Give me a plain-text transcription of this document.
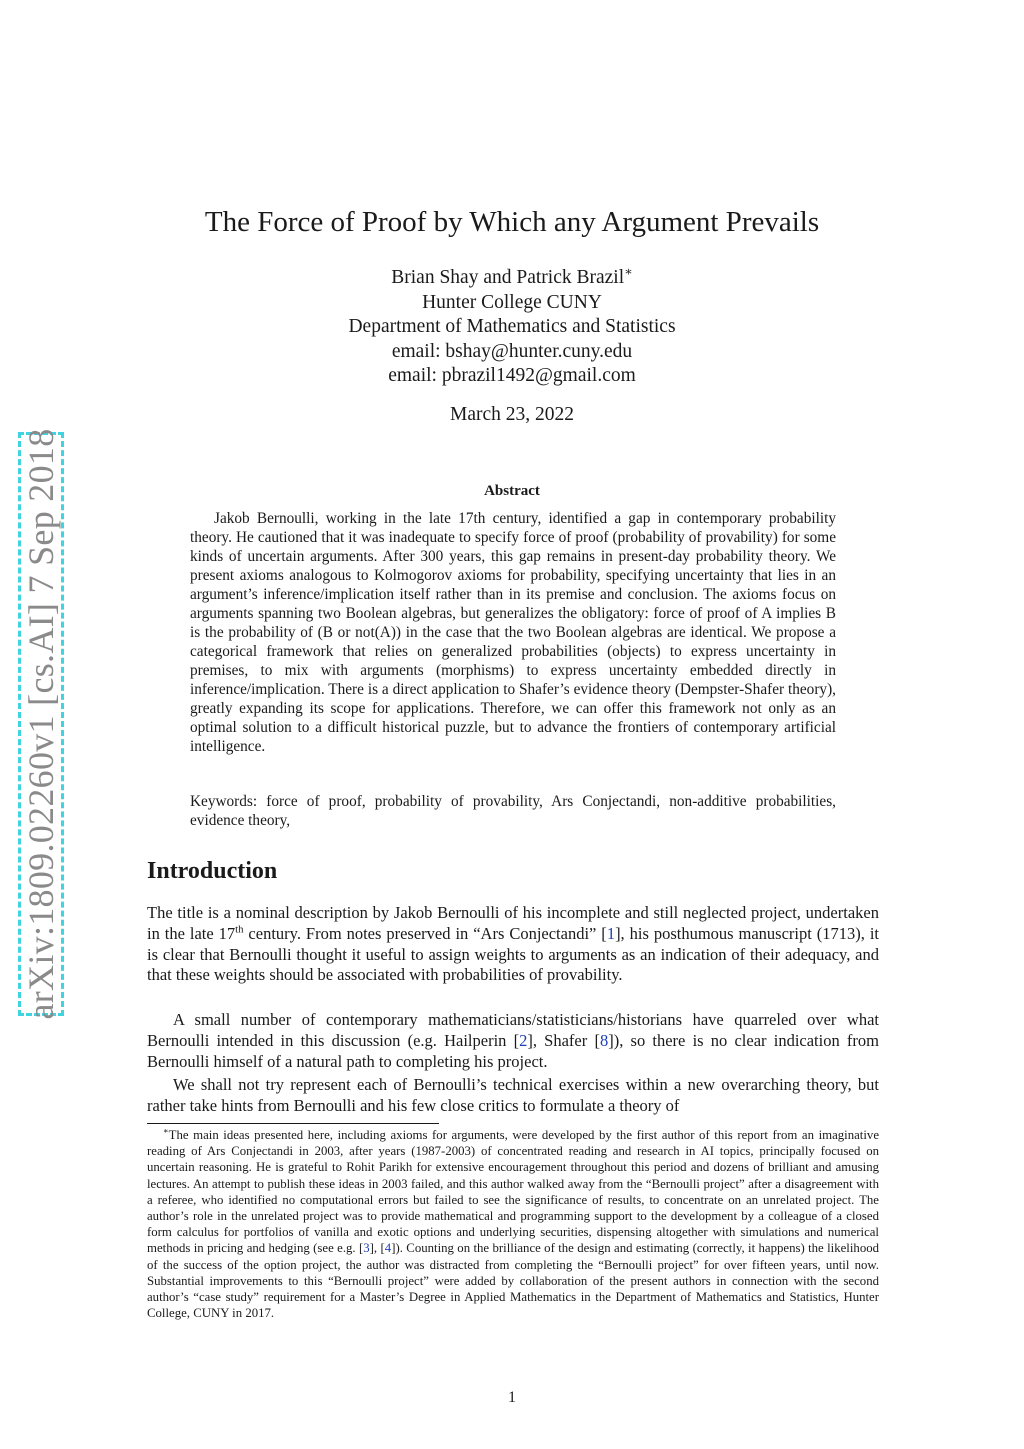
arXiv:1809.02260v1 [cs.AI] 7 Sep 2018
The Force of Proof by Which any Argument Prevails
Brian Shay and Patrick Brazil∗
Hunter College CUNY
Department of Mathematics and Statistics
email: bshay@hunter.cuny.edu
email: pbrazil1492@gmail.com
March 23, 2022
Abstract

Jakob Bernoulli, working in the late 17th century, identified a gap in contemporary probability theory. He cautioned that it was inadequate to specify force of proof (probability of provability) for some kinds of uncertain arguments. After 300 years, this gap remains in present-day probability theory. We present axioms analogous to Kolmogorov axioms for probability, specifying uncertainty that lies in an argument’s inference/implication itself rather than in its premise and conclusion. The axioms focus on arguments spanning two Boolean algebras, but generalizes the obligatory: force of proof of A implies B is the probability of (B or not(A)) in the case that the two Boolean algebras are identical. We propose a categorical framework that relies on generalized probabilities (objects) to express uncertainty in premises, to mix with arguments (morphisms) to express uncertainty embedded directly in inference/implication. There is a direct application to Shafer’s evidence theory (Dempster-Shafer theory), greatly expanding its scope for applications. Therefore, we can offer this framework not only as an optimal solution to a difficult historical puzzle, but to advance the frontiers of contemporary artificial intelligence.

Keywords: force of proof, probability of provability, Ars Conjectandi, non-additive probabilities, evidence theory,

Introduction

The title is a nominal description by Jakob Bernoulli of his incomplete and still neglected project, undertaken in the late 17th century. From notes preserved in “Ars Conjectandi” [1], his posthumous manuscript (1713), it is clear that Bernoulli thought it useful to assign weights to arguments as an indication of their adequacy, and that these weights should be associated with probabilities of provability.

A small number of contemporary mathematicians/statisticians/historians have quarreled over what Bernoulli intended in this discussion (e.g. Hailperin [2], Shafer [8]), so there is no clear indication from Bernoulli himself of a natural path to completing his project.

We shall not try represent each of Bernoulli’s technical exercises within a new overarching theory, but rather take hints from Bernoulli and his few close critics to formulate a theory of

∗The main ideas presented here, including axioms for arguments, were developed by the first author of this report from an imaginative reading of Ars Conjectandi in 2003, after years (1987-2003) of concentrated reading and research in AI topics, principally focused on uncertain reasoning. He is grateful to Rohit Parikh for extensive encouragement throughout this period and dozens of brilliant and amusing lectures. An attempt to publish these ideas in 2003 failed, and this author walked away from the “Bernoulli project” after a disagreement with a referee, who identified no computational errors but failed to see the significance of results, to concentrate on an unrelated project. The author’s role in the unrelated project was to provide mathematical and programming support to the development by a colleague of a closed form calculus for portfolios of vanilla and exotic options and underlying securities, dispensing altogether with simulations and numerical methods in pricing and hedging (see e.g. [3], [4]). Counting on the brilliance of the design and estimating (correctly, it happens) the likelihood of the success of the option project, the author was distracted from completing the “Bernoulli project” for over fifteen years, until now. Substantial improvements to this “Bernoulli project” were added by collaboration of the present authors in connection with the second author’s “case study” requirement for a Master’s Degree in Applied Mathematics in the Department of Mathematics and Statistics, Hunter College, CUNY in 2017.

1
